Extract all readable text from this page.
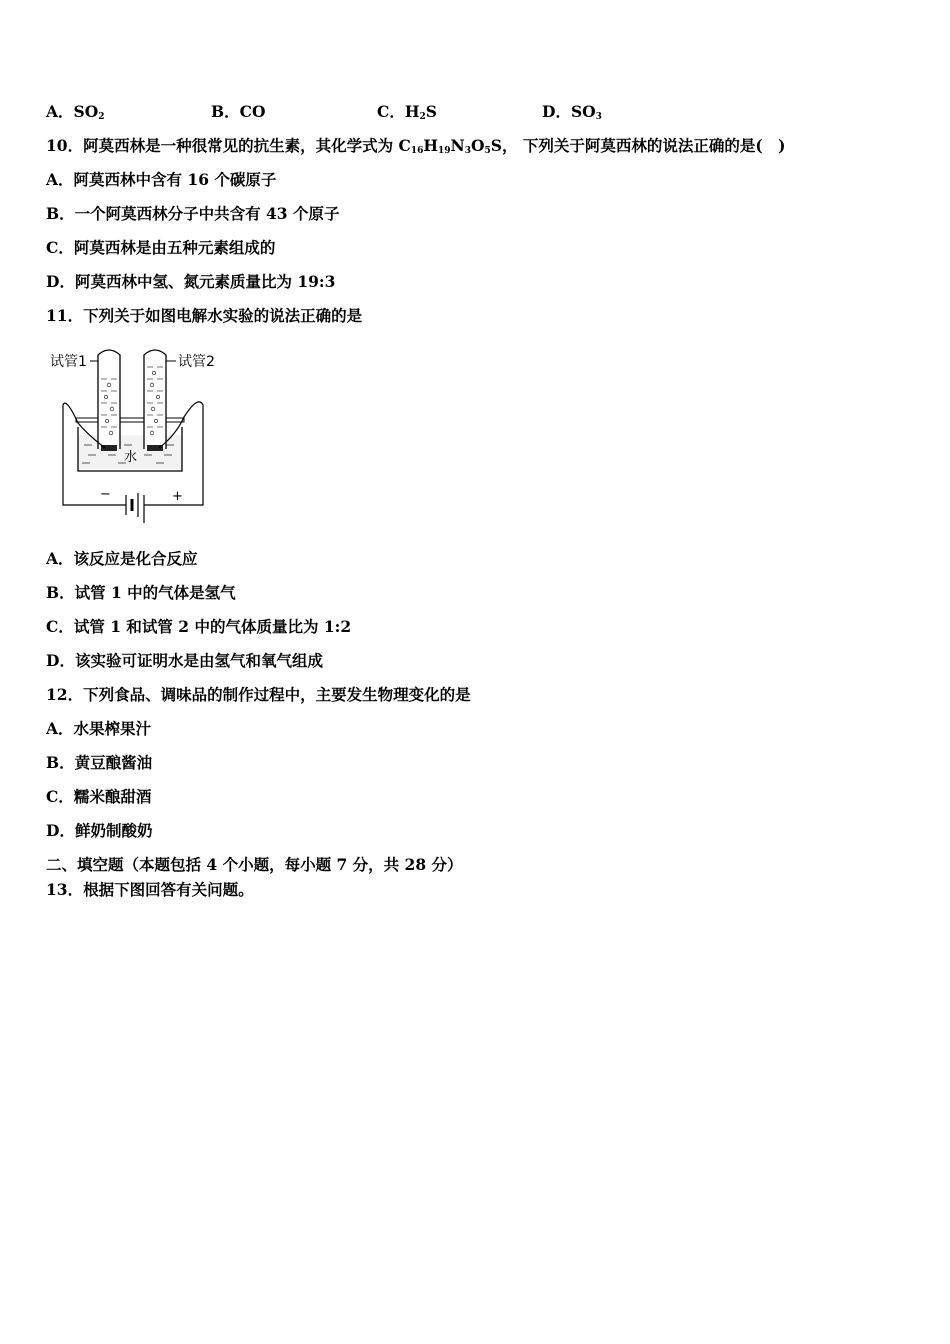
A．$SO_2$	B．CO	C．$H_2S$	D．$SO_3$
10．阿莫西林是一种很常见的抗生素，其化学式为 $C_{16}H_{19}N_3O_5S$， 下列关于阿莫西林的说法正确的是(　)
A．阿莫西林中含有 16 个碳原子
B．一个阿莫西林分子中共含有 43 个原子
C．阿莫西林是由五种元素组成的
D．阿莫西林中氢、氮元素质量比为 19:3
11．下列关于如图电解水实验的说法正确的是
试管1	试管2
水
−	+
A．该反应是化合反应
B．试管 1 中的气体是氢气
C．试管 1 和试管 2 中的气体质量比为 1:2
D．该实验可证明水是由氢气和氧气组成
12．下列食品、调味品的制作过程中，主要发生物理变化的是
A．水果榨果汁
B．黄豆酿酱油
C．糯米酿甜酒
D．鲜奶制酸奶
二、填空题（本题包括 4 个小题，每小题 7 分，共 28 分）
13．根据下图回答有关问题。
